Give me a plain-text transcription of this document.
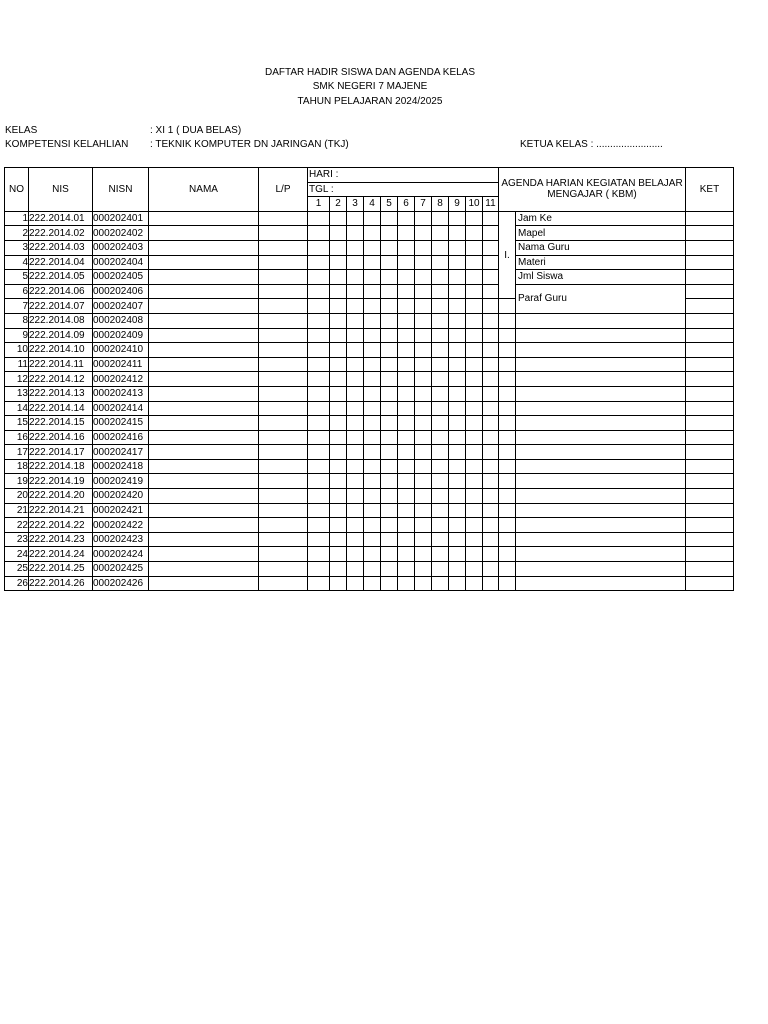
DAFTAR HADIR SISWA DAN AGENDA KELAS
SMK NEGERI 7 MAJENE
TAHUN PELAJARAN 2024/2025
KELAS	: XI 1 ( DUA BELAS)
KOMPETENSI KELAHLIAN : TEKNIK KOMPUTER DN JARINGAN (TKJ)	KETUA KELAS : ........................
NO	NIS	NISN	NAMA	L/P	HARI :											AGENDA HARIAN KEGIATAN BELAJAR MENGAJAR ( KBM)		KET
					TGL :													
					1	2	3	4	5	6	7	8	9	10	11			
1	222.2014.01	000202401														I.	Jam Ke	
2	222.2014.02	000202402															Mapel	
3	222.2014.03	000202403															Nama Guru	
4	222.2014.04	000202404															Materi	
5	222.2014.05	000202405															Jml Siswa	
6	222.2014.06	000202406															Paraf Guru	
7	222.2014.07	000202407																
8	222.2014.08	000202408																
9	222.2014.09	000202409																
10	222.2014.10	000202410																
11	222.2014.11	000202411																
12	222.2014.12	000202412																
13	222.2014.13	000202413																
14	222.2014.14	000202414																
15	222.2014.15	000202415																
16	222.2014.16	000202416																
17	222.2014.17	000202417																
18	222.2014.18	000202418																
19	222.2014.19	000202419																
20	222.2014.20	000202420																
21	222.2014.21	000202421																
22	222.2014.22	000202422																
23	222.2014.23	000202423																
24	222.2014.24	000202424																
25	222.2014.25	000202425																
26	222.2014.26	000202426																
